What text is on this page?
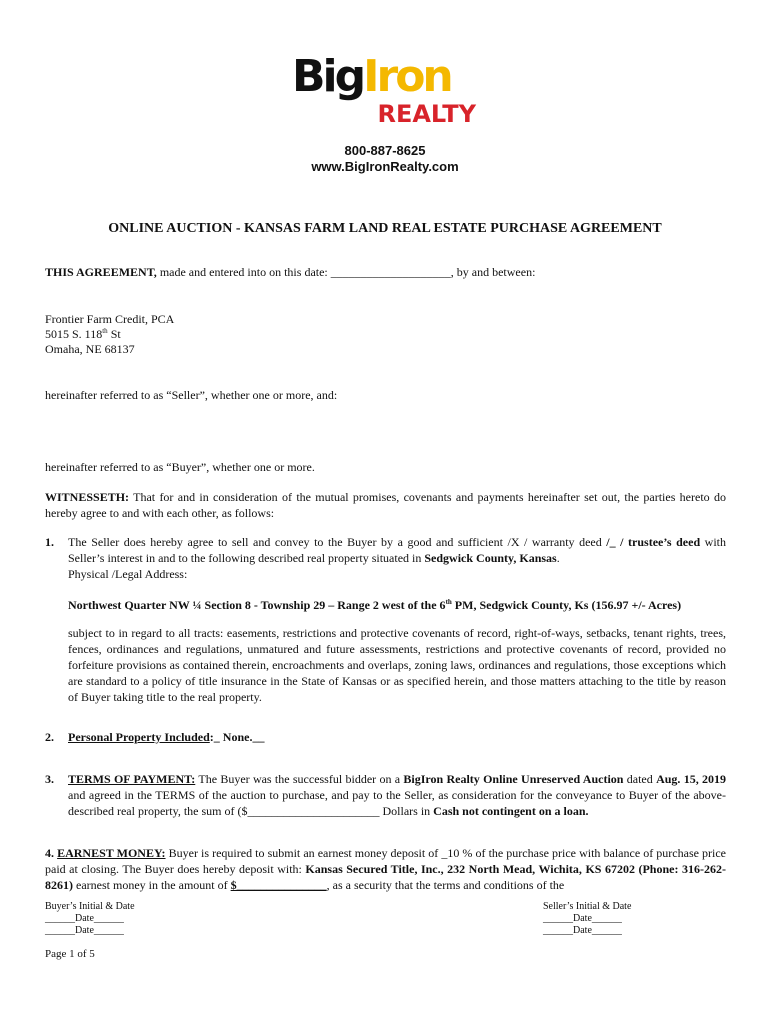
BigIron
REALTY
800-887-8625
www.BigIronRealty.com
ONLINE AUCTION - KANSAS FARM LAND REAL ESTATE PURCHASE AGREEMENT
THIS AGREEMENT, made and entered into on this date: ____________________, by and between:
Frontier Farm Credit, PCA
5015 S. 118th St
Omaha, NE 68137
hereinafter referred to as “Seller”, whether one or more, and:
hereinafter referred to as “Buyer”, whether one or more.
WITNESSETH: That for and in consideration of the mutual promises, covenants and payments hereinafter set out, the parties hereto do hereby agree to and with each other, as follows:
1. The Seller does hereby agree to sell and convey to the Buyer by a good and sufficient /X / warranty deed /_ / trustee’s deed with Seller’s interest in and to the following described real property situated in Sedgwick County, Kansas.
Physical /Legal Address:
Northwest Quarter NW ¼ Section 8 - Township 29 – Range 2 west of the 6th PM, Sedgwick County, Ks (156.97 +/- Acres)
subject to in regard to all tracts: easements, restrictions and protective covenants of record, right-of-ways, setbacks, tenant rights, trees, fences, ordinances and regulations, unmatured and future assessments, restrictions and protective covenants of record, provided no forfeiture provisions as contained therein, encroachments and overlaps, zoning laws, ordinances and regulations, those exceptions which are standard to a policy of title insurance in the State of Kansas or as specified herein, and those matters attaching to the title by reason of Buyer taking title to the real property.
2. Personal Property Included:_ None.__
3. TERMS OF PAYMENT: The Buyer was the successful bidder on a BigIron Realty Online Unreserved Auction dated Aug. 15, 2019 and agreed in the TERMS of the auction to purchase, and pay to the Seller, as consideration for the conveyance to Buyer of the above-described real property, the sum of ($______________________ Dollars in Cash not contingent on a loan.
4. EARNEST MONEY: Buyer is required to submit an earnest money deposit of _10 % of the purchase price with balance of purchase price paid at closing. The Buyer does hereby deposit with: Kansas Secured Title, Inc., 232 North Mead, Wichita, KS 67202 (Phone: 316-262-8261) earnest money in the amount of $_______________, as a security that the terms and conditions of the
Buyer’s Initial & Date
______Date______
______Date______
Seller’s Initial & Date
______Date______
______Date______
Page 1 of 5
